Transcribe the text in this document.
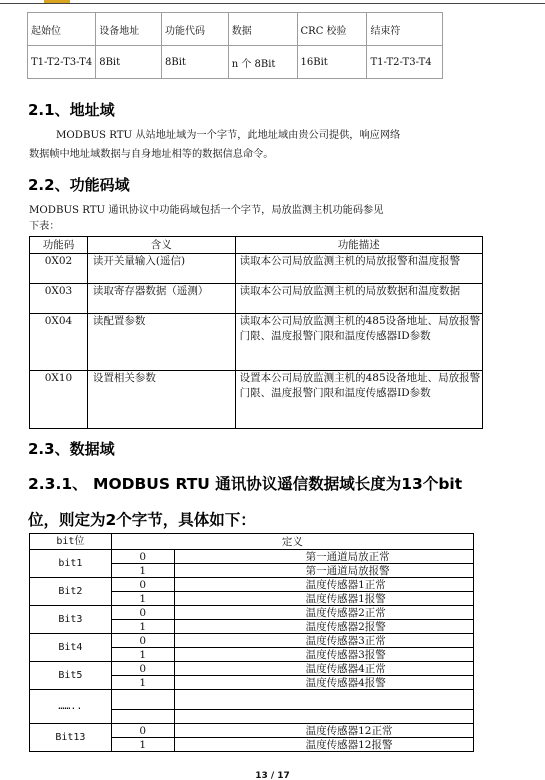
起始位	设备地址	功能代码	数据	CRC 校验	结束符
T1-T2-T3-T4	8Bit	8Bit	n 个 8Bit	16Bit	T1-T2-T3-T4
2.1、地址域
MODBUS RTU 从站地址域为一个字节，此地址域由贵公司提供，响应网络
数据帧中地址域数据与自身地址相等的数据信息命令。
2.2、功能码域
MODBUS RTU 通讯协议中功能码域包括一个字节，局放监测主机功能码参见
下表：
功能码	含义	功能描述
0X02	读开关量输入(遥信)	读取本公司局放监测主机的局放报警和温度报警
0X03	读取寄存器数据（遥测）	读取本公司局放监测主机的局放数据和温度数据
0X04	读配置参数	读取本公司局放监测主机的485设备地址、局放报警门限、温度报警门限和温度传感器ID参数
0X10	设置相关参数	设置本公司局放监测主机的485设备地址、局放报警门限、温度报警门限和温度传感器ID参数
2.3、数据域
2.3.1、 MODBUS RTU 通讯协议遥信数据域长度为13个bit
位，则定为2个字节，具体如下：
bit位	定义	
bit1	0	第一通道局放正常
	1	第一通道局放报警
Bit2	0	温度传感器1正常
	1	温度传感器1报警
Bit3	0	温度传感器2正常
	1	温度传感器2报警
Bit4	0	温度传感器3正常
	1	温度传感器3报警
Bit5	0	温度传感器4正常
	1	温度传感器4报警
……..		

Bit13	0	温度传感器12正常
	1	温度传感器12报警
13 / 17
